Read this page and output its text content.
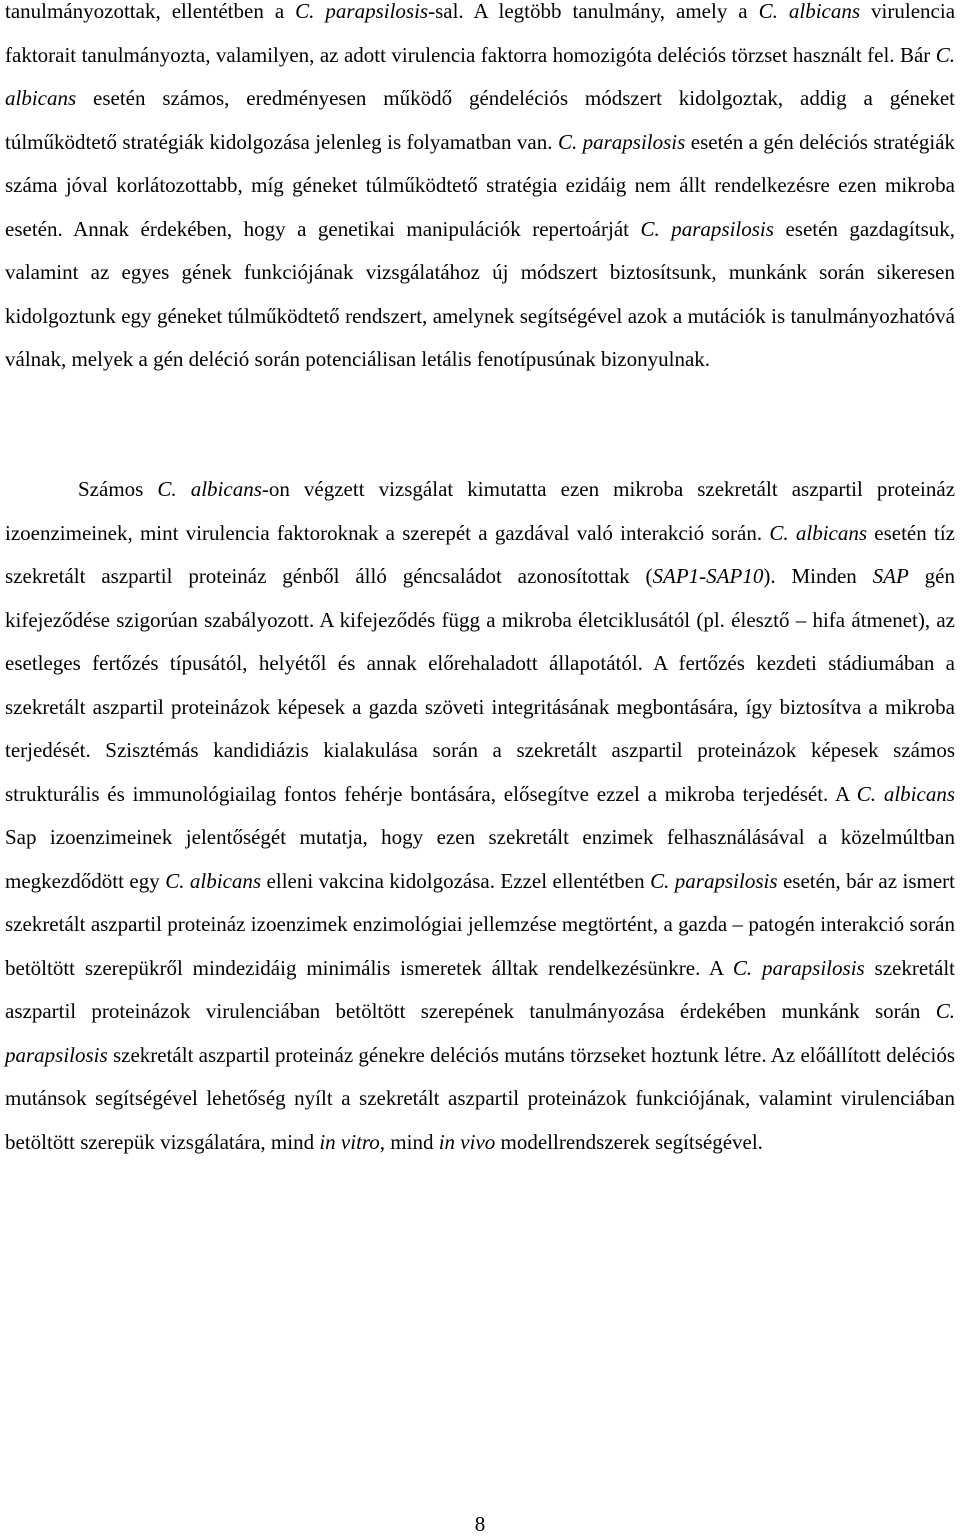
tanulmányozottak, ellentétben a C. parapsilosis-sal. A legtöbb tanulmány, amely a C. albicans virulencia faktorait tanulmányozta, valamilyen, az adott virulencia faktorra homozigóta deléciós törzset használt fel. Bár C. albicans esetén számos, eredményesen működő géndeléciós módszert kidolgoztak, addig a géneket túlműködtető stratégiák kidolgozása jelenleg is folyamatban van. C. parapsilosis esetén a gén deléciós stratégiák száma jóval korlátozottabb, míg géneket túlműködtető stratégia ezidáig nem állt rendelkezésre ezen mikroba esetén. Annak érdekében, hogy a genetikai manipulációk repertoárját C. parapsilosis esetén gazdagítsuk, valamint az egyes gének funkciójának vizsgálatához új módszert biztosítsunk, munkánk során sikeresen kidolgoztunk egy géneket túlműködtető rendszert, amelynek segítségével azok a mutációk is tanulmányozhatóvá válnak, melyek a gén deléció során potenciálisan letális fenotípusúnak bizonyulnak.

Számos C. albicans-on végzett vizsgálat kimutatta ezen mikroba szekretált aszpartil proteináz izoenzimeinek, mint virulencia faktoroknak a szerepét a gazdával való interakció során. C. albicans esetén tíz szekretált aszpartil proteináz génből álló géncsaládot azonosítottak (SAP1-SAP10). Minden SAP gén kifejeződése szigorúan szabályozott. A kifejeződés függ a mikroba életciklusától (pl. élesztő – hifa átmenet), az esetleges fertőzés típusától, helyétől és annak előrehaladott állapotától. A fertőzés kezdeti stádiumában a szekretált aszpartil proteinázok képesek a gazda szöveti integritásának megbontására, így biztosítva a mikroba terjedését. Szisztémás kandidiázis kialakulása során a szekretált aszpartil proteinázok képesek számos strukturális és immunológiailag fontos fehérje bontására, elősegítve ezzel a mikroba terjedését. A C. albicans Sap izoenzimeinek jelentőségét mutatja, hogy ezen szekretált enzimek felhasználásával a közelmúltban megkezdődött egy C. albicans elleni vakcina kidolgozása. Ezzel ellentétben C. parapsilosis esetén, bár az ismert szekretált aszpartil proteináz izoenzimek enzimológiai jellemzése megtörtént, a gazda – patogén interakció során betöltött szerepükről mindezidáig minimális ismeretek álltak rendelkezésünkre. A C. parapsilosis szekretált aszpartil proteinázok virulenciában betöltött szerepének tanulmányozása érdekében munkánk során C. parapsilosis szekretált aszpartil proteináz génekre deléciós mutáns törzseket hoztunk létre. Az előállított deléciós mutánsok segítségével lehetőség nyílt a szekretált aszpartil proteinázok funkciójának, valamint virulenciában betöltött szerepük vizsgálatára, mind in vitro, mind in vivo modellrendszerek segítségével.

8
